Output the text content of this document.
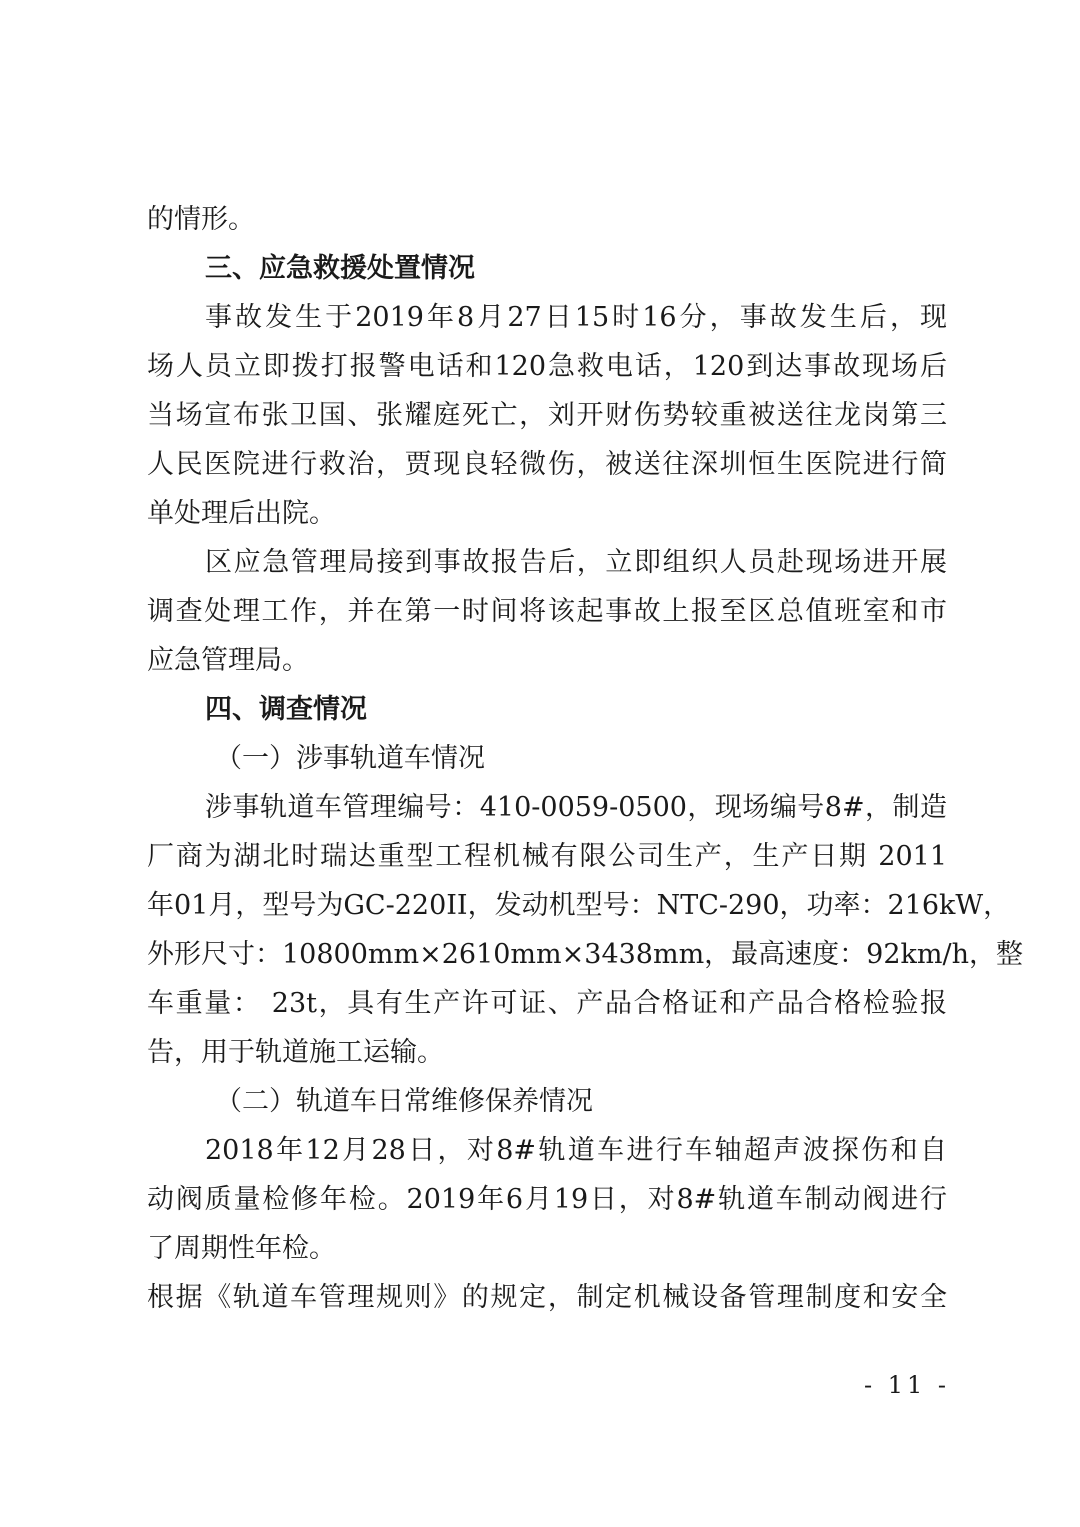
的情形。
三、应急救援处置情况
事故发生于2019年8月27日15时16分，事故发生后，现
场人员立即拨打报警电话和120急救电话，120到达事故现场后
当场宣布张卫国、张耀庭死亡，刘开财伤势较重被送往龙岗第三
人民医院进行救治，贾现良轻微伤，被送往深圳恒生医院进行简
单处理后出院。
区应急管理局接到事故报告后，立即组织人员赴现场进开展
调查处理工作，并在第一时间将该起事故上报至区总值班室和市
应急管理局。
四、调查情况
（一）涉事轨道车情况
涉事轨道车管理编号：410-0059-0500，现场编号8#，制造
厂商为湖北时瑞达重型工程机械有限公司生产，生产日期 2011
年01月，型号为GC-220II，发动机型号：NTC-290，功率：216kW，
外形尺寸：10800mm×2610mm×3438mm，最高速度：92km/h，整
车重量： 23t，具有生产许可证、产品合格证和产品合格检验报
告，用于轨道施工运输。
（二）轨道车日常维修保养情况
2018年12月28日，对8#轨道车进行车轴超声波探伤和自
动阀质量检修年检。2019年6月19日，对8#轨道车制动阀进行
了周期性年检。
根据《轨道车管理规则》的规定，制定机械设备管理制度和安全
- 11 -
